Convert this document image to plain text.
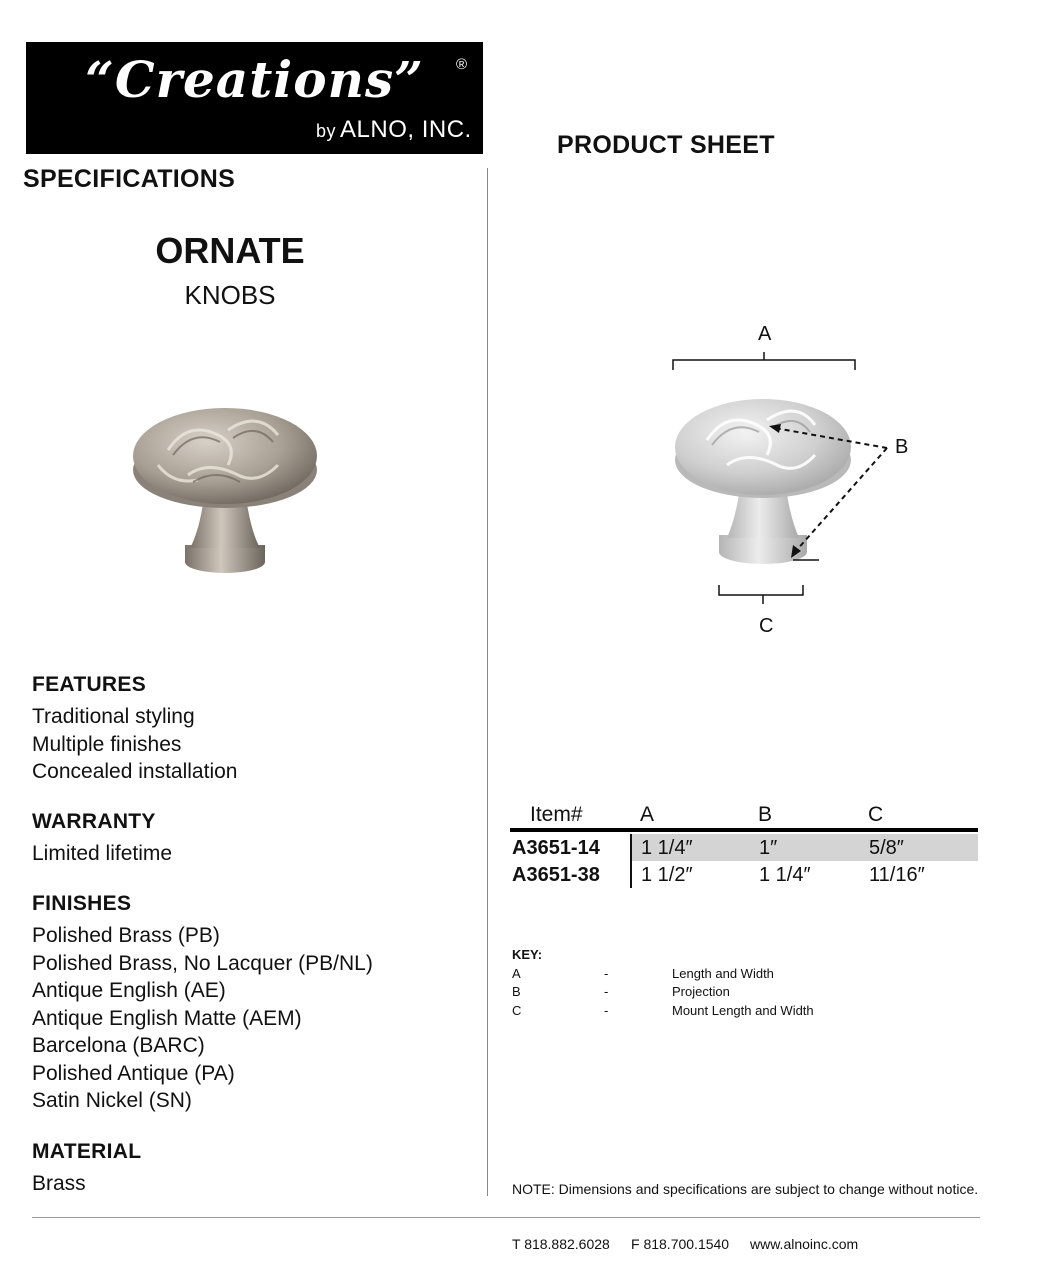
“Creations”	®
by ALNO, INC.
PRODUCT SHEET
SPECIFICATIONS
ORNATE
KNOBS
A
B
C
FEATURES
Traditional styling
Multiple finishes
Concealed installation
WARRANTY
Limited lifetime
FINISHES
Polished Brass (PB)
Polished Brass, No Lacquer (PB/NL)
Antique English (AE)
Antique English Matte (AEM)
Barcelona (BARC)
Polished Antique (PA)
Satin Nickel (SN)
MATERIAL
Brass
Item#	A	B	C
A3651-14 1 1/4″	1″	5/8″
A3651-38 1 1/2″	1 1/4″	11/16″
KEY:
A	-	Length and Width
B	-	Projection
C	-	Mount Length and Width
NOTE: Dimensions and specifications are subject to change without notice.
T 818.882.6028 F 818.700.1540 www.alnoinc.com
